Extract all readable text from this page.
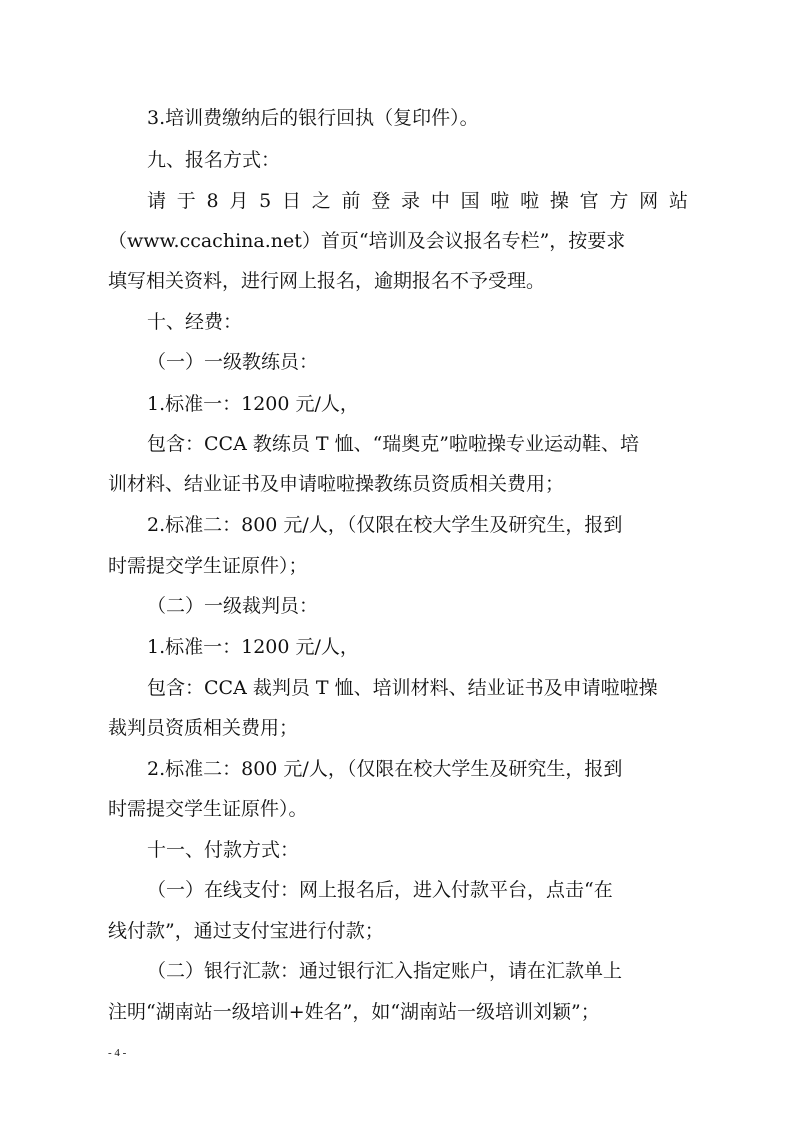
3.培训费缴纳后的银行回执（复印件）。
九、报名方式：
请 于 8 月 5 日 之 前 登 录 中 国 啦 啦 操 官 方 网 站
（www.ccachina.net）首页“培训及会议报名专栏”，按要求
填写相关资料，进行网上报名，逾期报名不予受理。
十、经费：
（一）一级教练员：
1.标准一：1200 元/人，
包含：CCA 教练员 T 恤、“瑞奥克”啦啦操专业运动鞋、培
训材料、结业证书及申请啦啦操教练员资质相关费用；
2.标准二：800 元/人，（仅限在校大学生及研究生，报到
时需提交学生证原件）；
（二）一级裁判员：
1.标准一：1200 元/人，
包含：CCA 裁判员 T 恤、培训材料、结业证书及申请啦啦操
裁判员资质相关费用；
2.标准二：800 元/人，（仅限在校大学生及研究生，报到
时需提交学生证原件）。
十一、付款方式：
（一）在线支付：网上报名后，进入付款平台，点击“在
线付款”，通过支付宝进行付款；
（二）银行汇款：通过银行汇入指定账户，请在汇款单上
注明“湖南站一级培训+姓名”，如“湖南站一级培训刘颖”；
- 4 -
